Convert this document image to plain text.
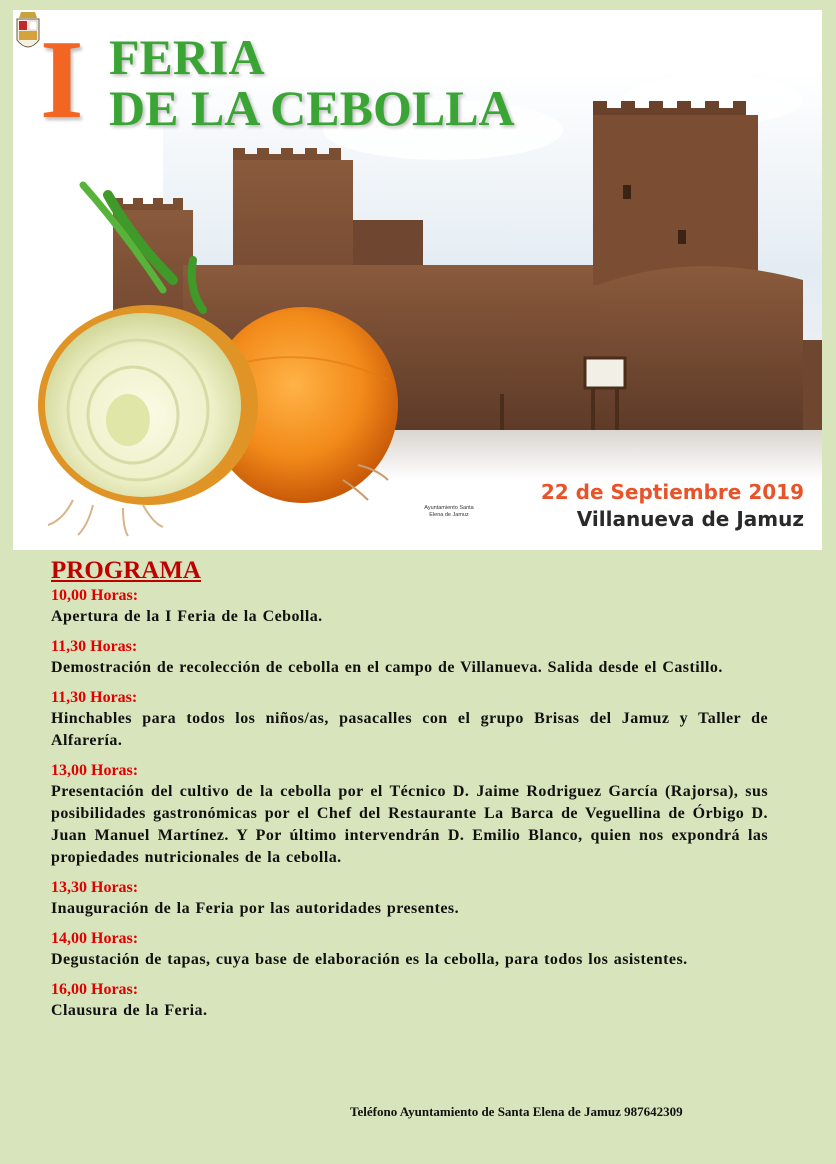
I FERIA
DE LA CEBOLLA
Ayuntamiento Santa Elena de Jamuz
22 de Septiembre 2019
Villanueva de Jamuz
PROGRAMA
10,00 Horas:
Apertura de la I Feria de la Cebolla.
11,30 Horas:
Demostración de recolección de cebolla en el campo de Villanueva. Salida desde el Castillo.
11,30 Horas:
Hinchables para todos los niños/as, pasacalles con el grupo Brisas del Jamuz y Taller de Alfarería.
13,00 Horas:
Presentación del cultivo de la cebolla por el Técnico D. Jaime Rodriguez García (Rajorsa), sus posibilidades gastronómicas por el Chef del Restaurante La Barca de Veguellina de Órbigo D. Juan Manuel Martínez. Y Por último intervendrán D. Emilio Blanco, quien nos expondrá las propiedades nutricionales de la cebolla.
13,30 Horas:
Inauguración de la Feria por las autoridades presentes.
14,00 Horas:
Degustación de tapas, cuya base de elaboración es la cebolla, para todos los asistentes.
16,00 Horas:
Clausura de la Feria.
Teléfono Ayuntamiento de Santa Elena de Jamuz 987642309
